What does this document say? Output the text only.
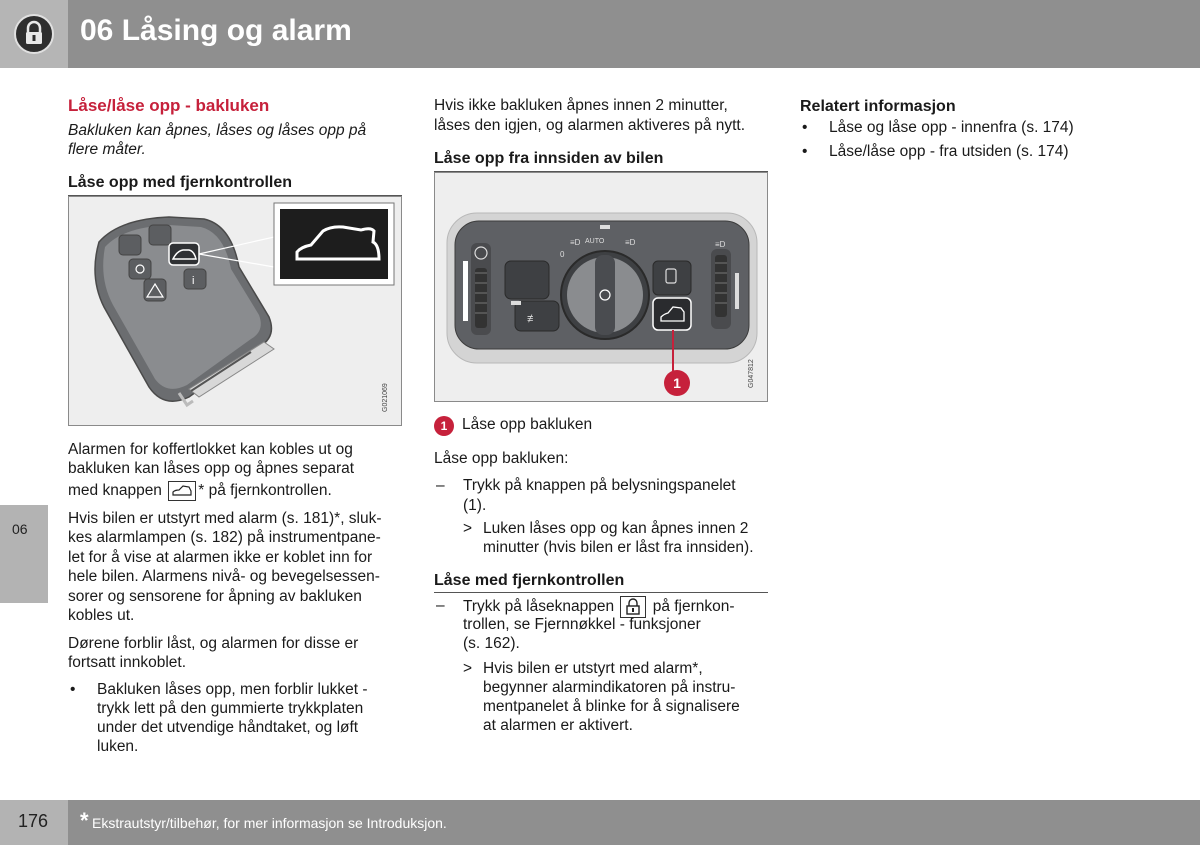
06 Låsing og alarm
06
Låse/låse opp - bakluken
Bakluken kan åpnes, låses og låses opp på
flere måter.
Låse opp med fjernkontrollen
i
G021069
Alarmen for koffertlokket kan kobles ut og
bakluken kan låses opp og åpnes separat
med knappen * på fjernkontrollen.
Hvis bilen er utstyrt med alarm (s. 181)*, sluk-
kes alarmlampen (s. 182) på instrumentpane-
let for å vise at alarmen ikke er koblet inn for
hele bilen. Alarmens nivå- og bevegelsessen-
sorer og sensorene for åpning av bakluken
kobles ut.
Dørene forblir låst, og alarmen for disse er
fortsatt innkoblet.
• Bakluken låses opp, men forblir lukket -
trykk lett på den gummierte trykkplaten
under det utvendige håndtaket, og løft
luken.
Hvis ikke bakluken åpnes innen 2 minutter,
låses den igjen, og alarmen aktiveres på nytt.
Låse opp fra innsiden av bilen
≢
≡D AUTO	≡D
0
≡D
1	G047812
1 Låse opp bakluken
Låse opp bakluken:
– Trykk på knappen på belysningspanelet
(1).
> Luken låses opp og kan åpnes innen 2
minutter (hvis bilen er låst fra innsiden).
Låse med fjernkontrollen
– Trykk på låseknappen på fjernkon-
trollen, se Fjernnøkkel - funksjoner
(s. 162).
> Hvis bilen er utstyrt med alarm*,
begynner alarmindikatoren på instru-
mentpanelet å blinke for å signalisere
at alarmen er aktivert.
Relatert informasjon
• Låse og låse opp - innenfra (s. 174)
• Låse/låse opp - fra utsiden (s. 174)
176 * Ekstrautstyr/tilbehør, for mer informasjon se Introduksjon.
